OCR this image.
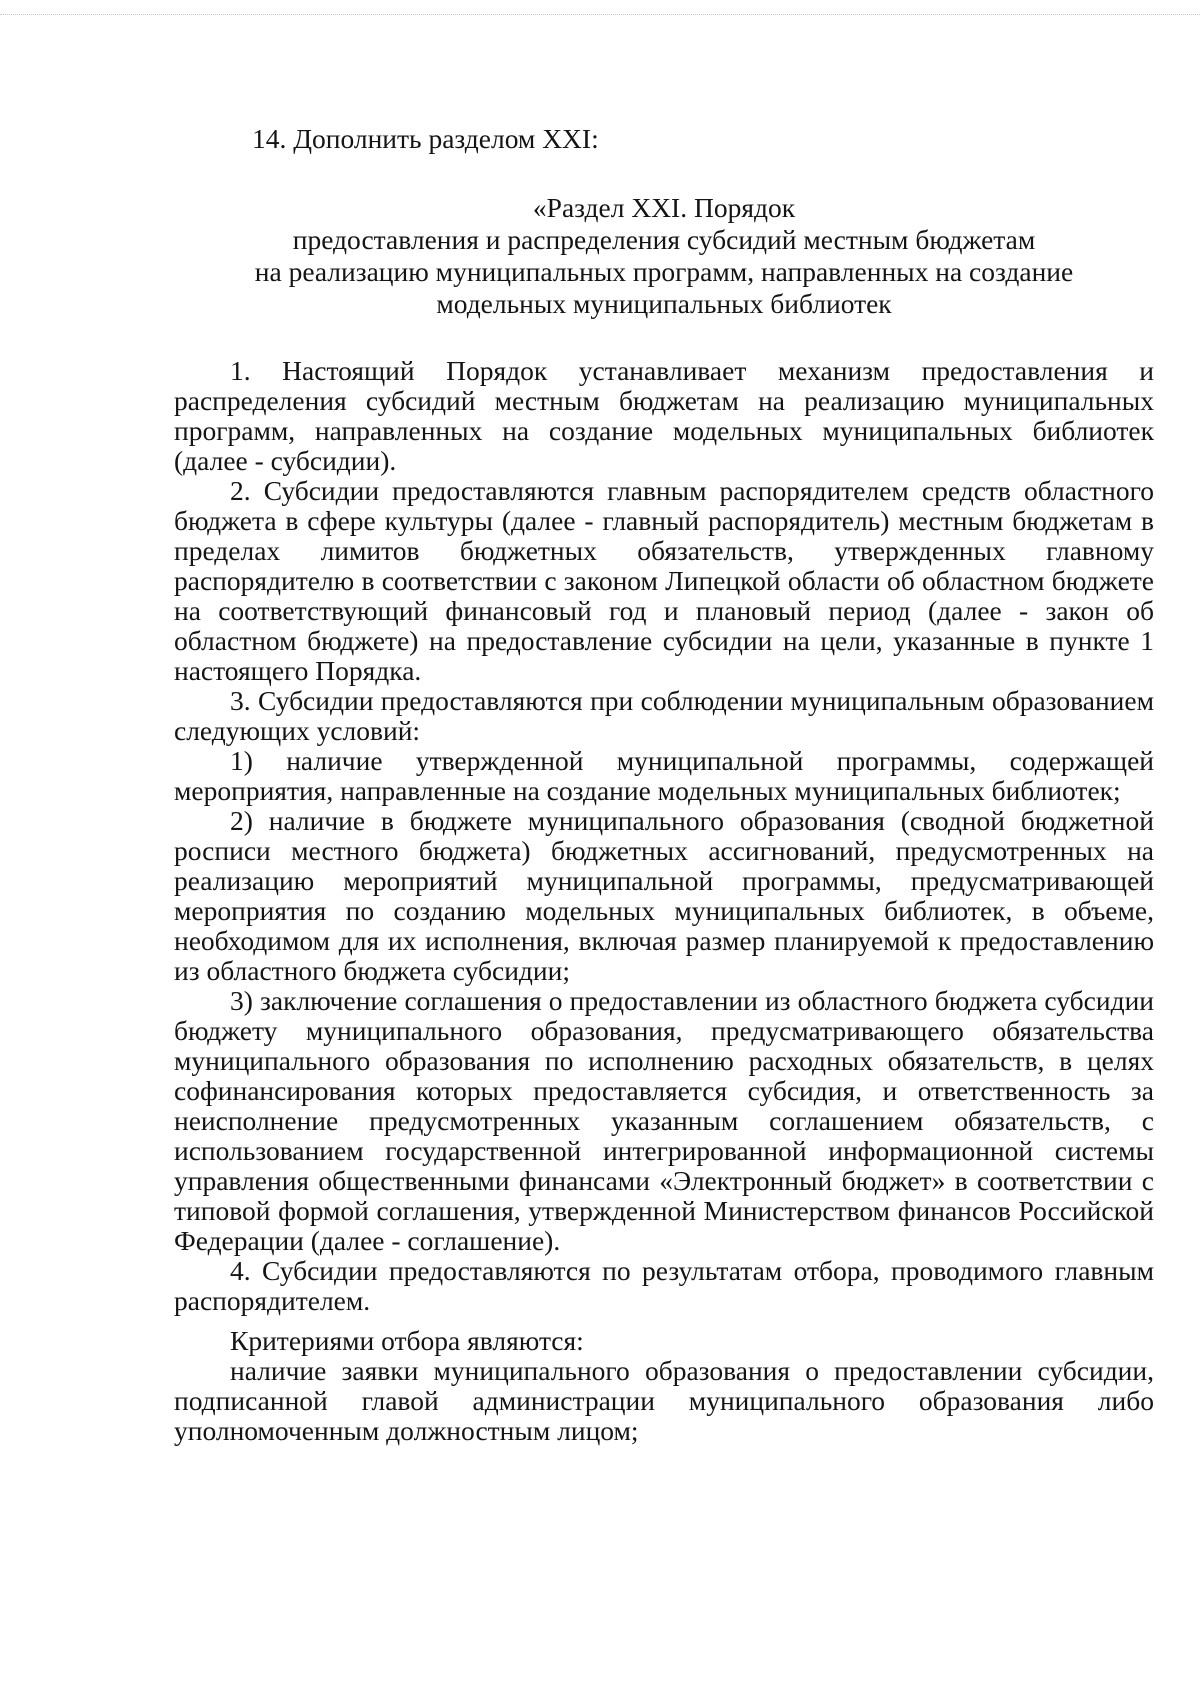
14. Дополнить разделом XXI:

«Раздел XXI. Порядок
предоставления и распределения субсидий местным бюджетам
на реализацию муниципальных программ, направленных на создание
модельных муниципальных библиотек

1. Настоящий Порядок устанавливает механизм предоставления и распределения субсидий местным бюджетам на реализацию муниципальных программ, направленных на создание модельных муниципальных библиотек (далее - субсидии).

2. Субсидии предоставляются главным распорядителем средств областного бюджета в сфере культуры (далее - главный распорядитель) местным бюджетам в пределах лимитов бюджетных обязательств, утвержденных главному распорядителю в соответствии с законом Липецкой области об областном бюджете на соответствующий финансовый год и плановый период (далее - закон об областном бюджете) на предоставление субсидии на цели, указанные в пункте 1 настоящего Порядка.

3. Субсидии предоставляются при соблюдении муниципальным образованием следующих условий:

1) наличие утвержденной муниципальной программы, содержащей мероприятия, направленные на создание модельных муниципальных библиотек;

2) наличие в бюджете муниципального образования (сводной бюджетной росписи местного бюджета) бюджетных ассигнований, предусмотренных на реализацию мероприятий муниципальной программы, предусматривающей мероприятия по созданию модельных муниципальных библиотек, в объеме, необходимом для их исполнения, включая размер планируемой к предоставлению из областного бюджета субсидии;

3) заключение соглашения о предоставлении из областного бюджета субсидии бюджету муниципального образования, предусматривающего обязательства муниципального образования по исполнению расходных обязательств, в целях софинансирования которых предоставляется субсидия, и ответственность за неисполнение предусмотренных указанным соглашением обязательств, с использованием государственной интегрированной информационной системы управления общественными финансами «Электронный бюджет» в соответствии с типовой формой соглашения, утвержденной Министерством финансов Российской Федерации (далее - соглашение).

4. Субсидии предоставляются по результатам отбора, проводимого главным распорядителем.

Критериями отбора являются:

наличие заявки муниципального образования о предоставлении субсидии, подписанной главой администрации муниципального образования либо уполномоченным должностным лицом;
